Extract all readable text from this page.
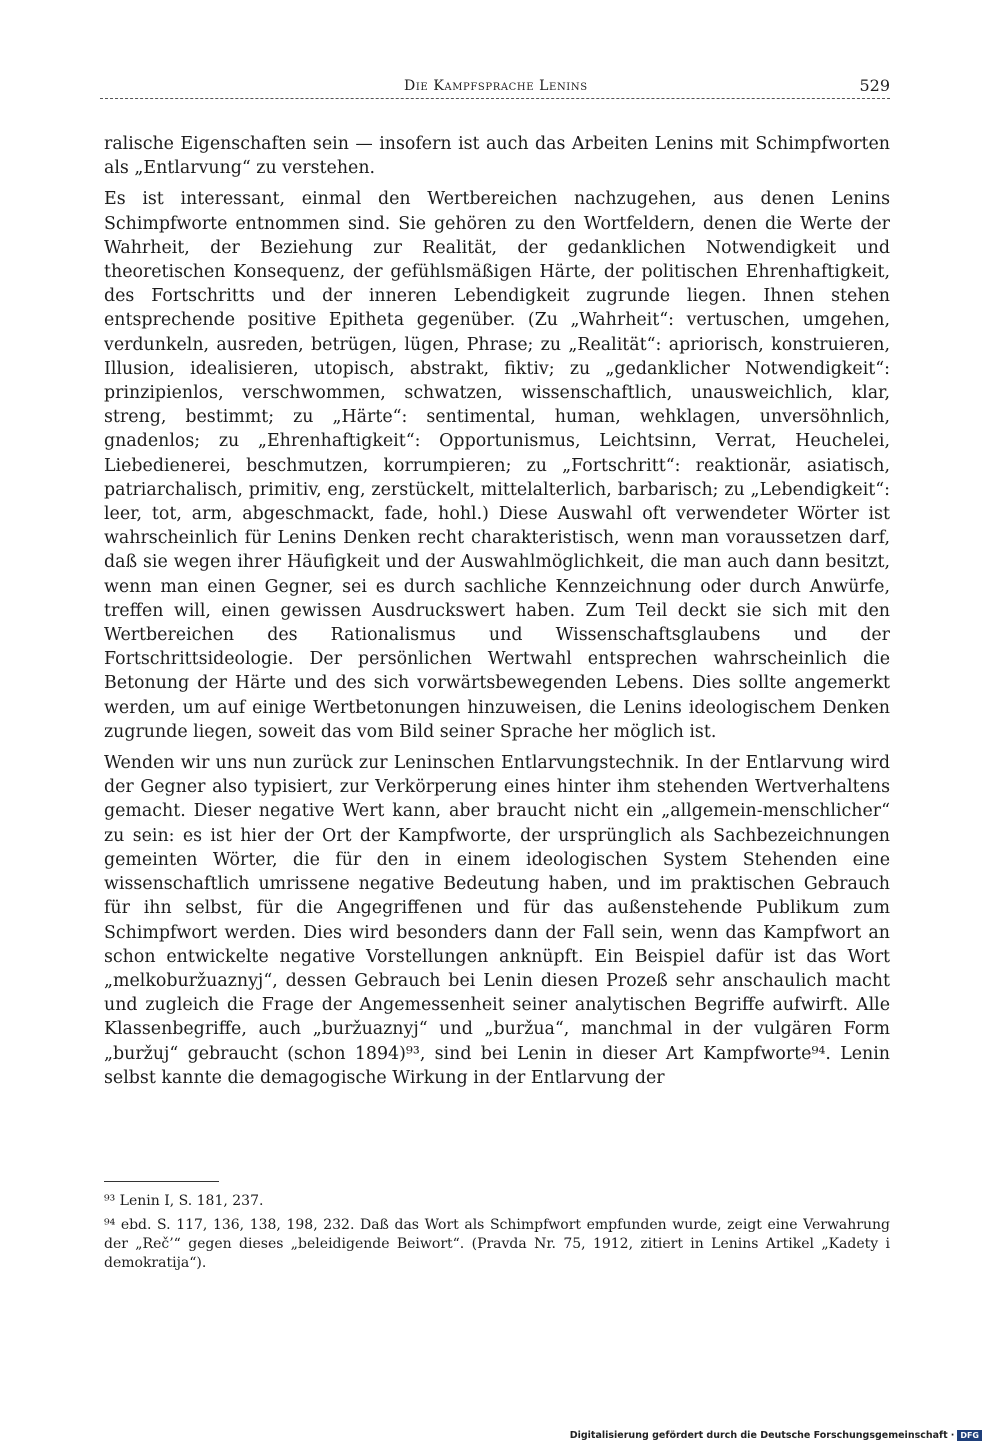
Die Kampfsprache Lenins	529

ralische Eigenschaften sein — insofern ist auch das Arbeiten Lenins mit Schimpfworten als „Entlarvung“ zu verstehen.

Es ist interessant, einmal den Wertbereichen nachzugehen, aus denen Lenins Schimpfworte entnommen sind. Sie gehören zu den Wortfeldern, denen die Werte der Wahrheit, der Beziehung zur Realität, der gedanklichen Notwendigkeit und theoretischen Konsequenz, der gefühlsmäßigen Härte, der politischen Ehrenhaftigkeit, des Fortschritts und der inneren Lebendigkeit zugrunde liegen. Ihnen stehen entsprechende positive Epitheta gegenüber. (Zu „Wahrheit“: vertuschen, umgehen, verdunkeln, ausreden, betrügen, lügen, Phrase; zu „Realität“: apriorisch, konstruieren, Illusion, idealisieren, utopisch, abstrakt, fiktiv; zu „gedanklicher Notwendigkeit“: prinzipienlos, verschwommen, schwatzen, wissenschaftlich, unausweichlich, klar, streng, bestimmt; zu „Härte“: sentimental, human, wehklagen, unversöhnlich, gnadenlos; zu „Ehrenhaftigkeit“: Opportunismus, Leichtsinn, Verrat, Heuchelei, Liebedienerei, beschmutzen, korrumpieren; zu „Fortschritt“: reaktionär, asiatisch, patriarchalisch, primitiv, eng, zerstückelt, mittelalterlich, barbarisch; zu „Lebendigkeit“: leer, tot, arm, abgeschmackt, fade, hohl.) Diese Auswahl oft verwendeter Wörter ist wahrscheinlich für Lenins Denken recht charakteristisch, wenn man voraussetzen darf, daß sie wegen ihrer Häufigkeit und der Auswahlmöglichkeit, die man auch dann besitzt, wenn man einen Gegner, sei es durch sachliche Kennzeichnung oder durch Anwürfe, treffen will, einen gewissen Ausdruckswert haben. Zum Teil deckt sie sich mit den Wertbereichen des Rationalismus und Wissenschaftsglaubens und der Fortschrittsideologie. Der persönlichen Wertwahl entsprechen wahrscheinlich die Betonung der Härte und des sich vorwärtsbewegenden Lebens. Dies sollte angemerkt werden, um auf einige Wertbetonungen hinzuweisen, die Lenins ideologischem Denken zugrunde liegen, soweit das vom Bild seiner Sprache her möglich ist.

Wenden wir uns nun zurück zur Leninschen Entlarvungstechnik. In der Entlarvung wird der Gegner also typisiert, zur Verkörperung eines hinter ihm stehenden Wertverhaltens gemacht. Dieser negative Wert kann, aber braucht nicht ein „allgemein-menschlicher“ zu sein: es ist hier der Ort der Kampfworte, der ursprünglich als Sachbezeichnungen gemeinten Wörter, die für den in einem ideologischen System Stehenden eine wissenschaftlich umrissene negative Bedeutung haben, und im praktischen Gebrauch für ihn selbst, für die Angegriffenen und für das außenstehende Publikum zum Schimpfwort werden. Dies wird besonders dann der Fall sein, wenn das Kampfwort an schon entwickelte negative Vorstellungen anknüpft. Ein Beispiel dafür ist das Wort „melkoburžuaznyj“, dessen Gebrauch bei Lenin diesen Prozeß sehr anschaulich macht und zugleich die Frage der Angemessenheit seiner analytischen Begriffe aufwirft. Alle Klassenbegriffe, auch „buržuaznyj“ und „buržua“, manchmal in der vulgären Form „buržuj“ gebraucht (schon 1894)⁹³, sind bei Lenin in dieser Art Kampfworte⁹⁴. Lenin selbst kannte die demagogische Wirkung in der Entlarvung der

⁹³ Lenin I, S. 181, 237.

⁹⁴ ebd. S. 117, 136, 138, 198, 232. Daß das Wort als Schimpfwort empfunden wurde, zeigt eine Verwahrung der „Reč’“ gegen dieses „beleidigende Beiwort“. (Pravda Nr. 75, 1912, zitiert in Lenins Artikel „Kadety i demokratija“).

Digitalisierung gefördert durch die Deutsche Forschungsgemeinschaft · DFG
